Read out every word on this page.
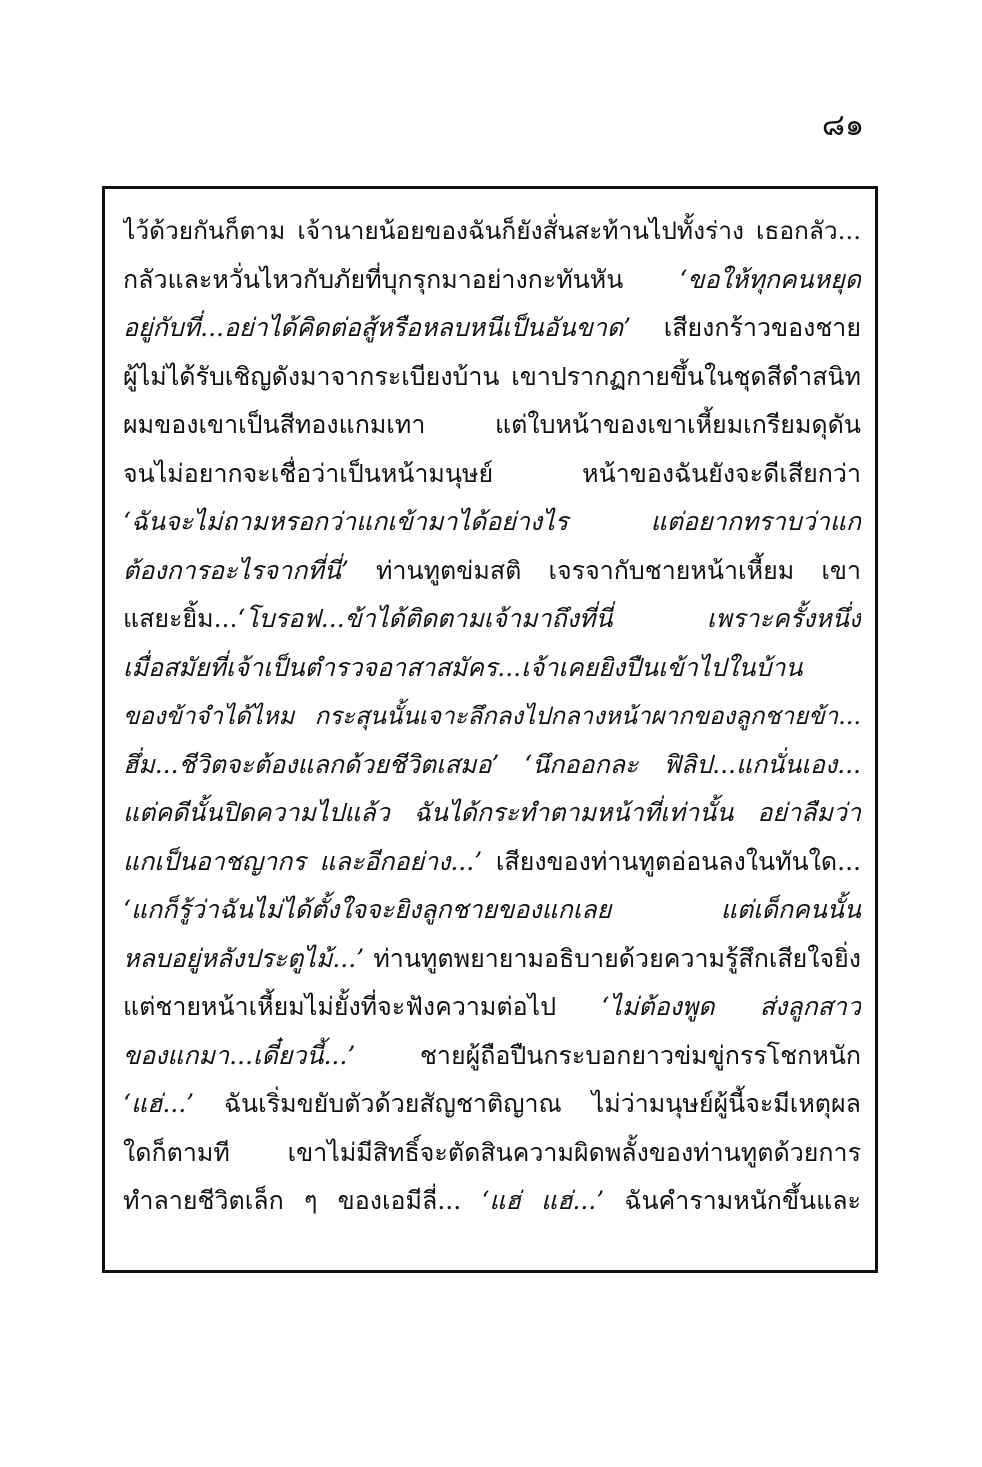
๘๑
ไว้ด้วยกันก็ตาม เจ้านายน้อยของฉันก็ยังสั่นสะท้านไปทั้งร่าง เธอกลัว...
กลัวและหวั่นไหวกับภัยที่บุกรุกมาอย่างกะทันหัน ‘ขอให้ทุกคนหยุด
อยู่กับที่...อย่าได้คิดต่อสู้หรือหลบหนีเป็นอันขาด’ เสียงกร้าวของชาย
ผู้ไม่ได้รับเชิญดังมาจากระเบียงบ้าน เขาปรากฏกายขึ้นในชุดสีดำสนิท
ผมของเขาเป็นสีทองแกมเทา แต่ใบหน้าของเขาเหี้ยมเกรียมดุดัน
จนไม่อยากจะเชื่อว่าเป็นหน้ามนุษย์ หน้าของฉันยังจะดีเสียกว่า
‘ฉันจะไม่ถามหรอกว่าแกเข้ามาได้อย่างไร แต่อยากทราบว่าแก
ต้องการอะไรจากที่นี่’ ท่านทูตข่มสติ เจรจากับชายหน้าเหี้ยม เขา
แสยะยิ้ม...‘โบรอฟ...ข้าได้ติดตามเจ้ามาถึงที่นี่ เพราะครั้งหนึ่ง
เมื่อสมัยที่เจ้าเป็นตำรวจอาสาสมัคร...เจ้าเคยยิงปืนเข้าไปในบ้าน
ของข้าจำได้ไหม กระสุนนั้นเจาะลึกลงไปกลางหน้าผากของลูกชายข้า...
ฮึ่ม...ชีวิตจะต้องแลกด้วยชีวิตเสมอ’ ‘นึกออกละ ฟิลิป...แกนั่นเอง...
แต่คดีนั้นปิดความไปแล้ว ฉันได้กระทำตามหน้าที่เท่านั้น อย่าลืมว่า
แกเป็นอาชญากร และอีกอย่าง...’ เสียงของท่านทูตอ่อนลงในทันใด...
‘แกก็รู้ว่าฉันไม่ได้ตั้งใจจะยิงลูกชายของแกเลย แต่เด็กคนนั้น
หลบอยู่หลังประตูไม้...’ ท่านทูตพยายามอธิบายด้วยความรู้สึกเสียใจยิ่ง
แต่ชายหน้าเหี้ยมไม่ยั้งที่จะฟังความต่อไป ‘ไม่ต้องพูด ส่งลูกสาว
ของแกมา...เดี๋ยวนี้...’ ชายผู้ถือปืนกระบอกยาวข่มขู่กรรโชกหนัก
‘แฮ่...’ ฉันเริ่มขยับตัวด้วยสัญชาติญาณ ไม่ว่ามนุษย์ผู้นี้จะมีเหตุผล
ใดก็ตามที เขาไม่มีสิทธิ์จะตัดสินความผิดพลั้งของท่านทูตด้วยการ
ทำลายชีวิตเล็ก ๆ ของเอมีลี่... ‘แฮ่ แฮ่...’ ฉันคำรามหนักขึ้นและ
